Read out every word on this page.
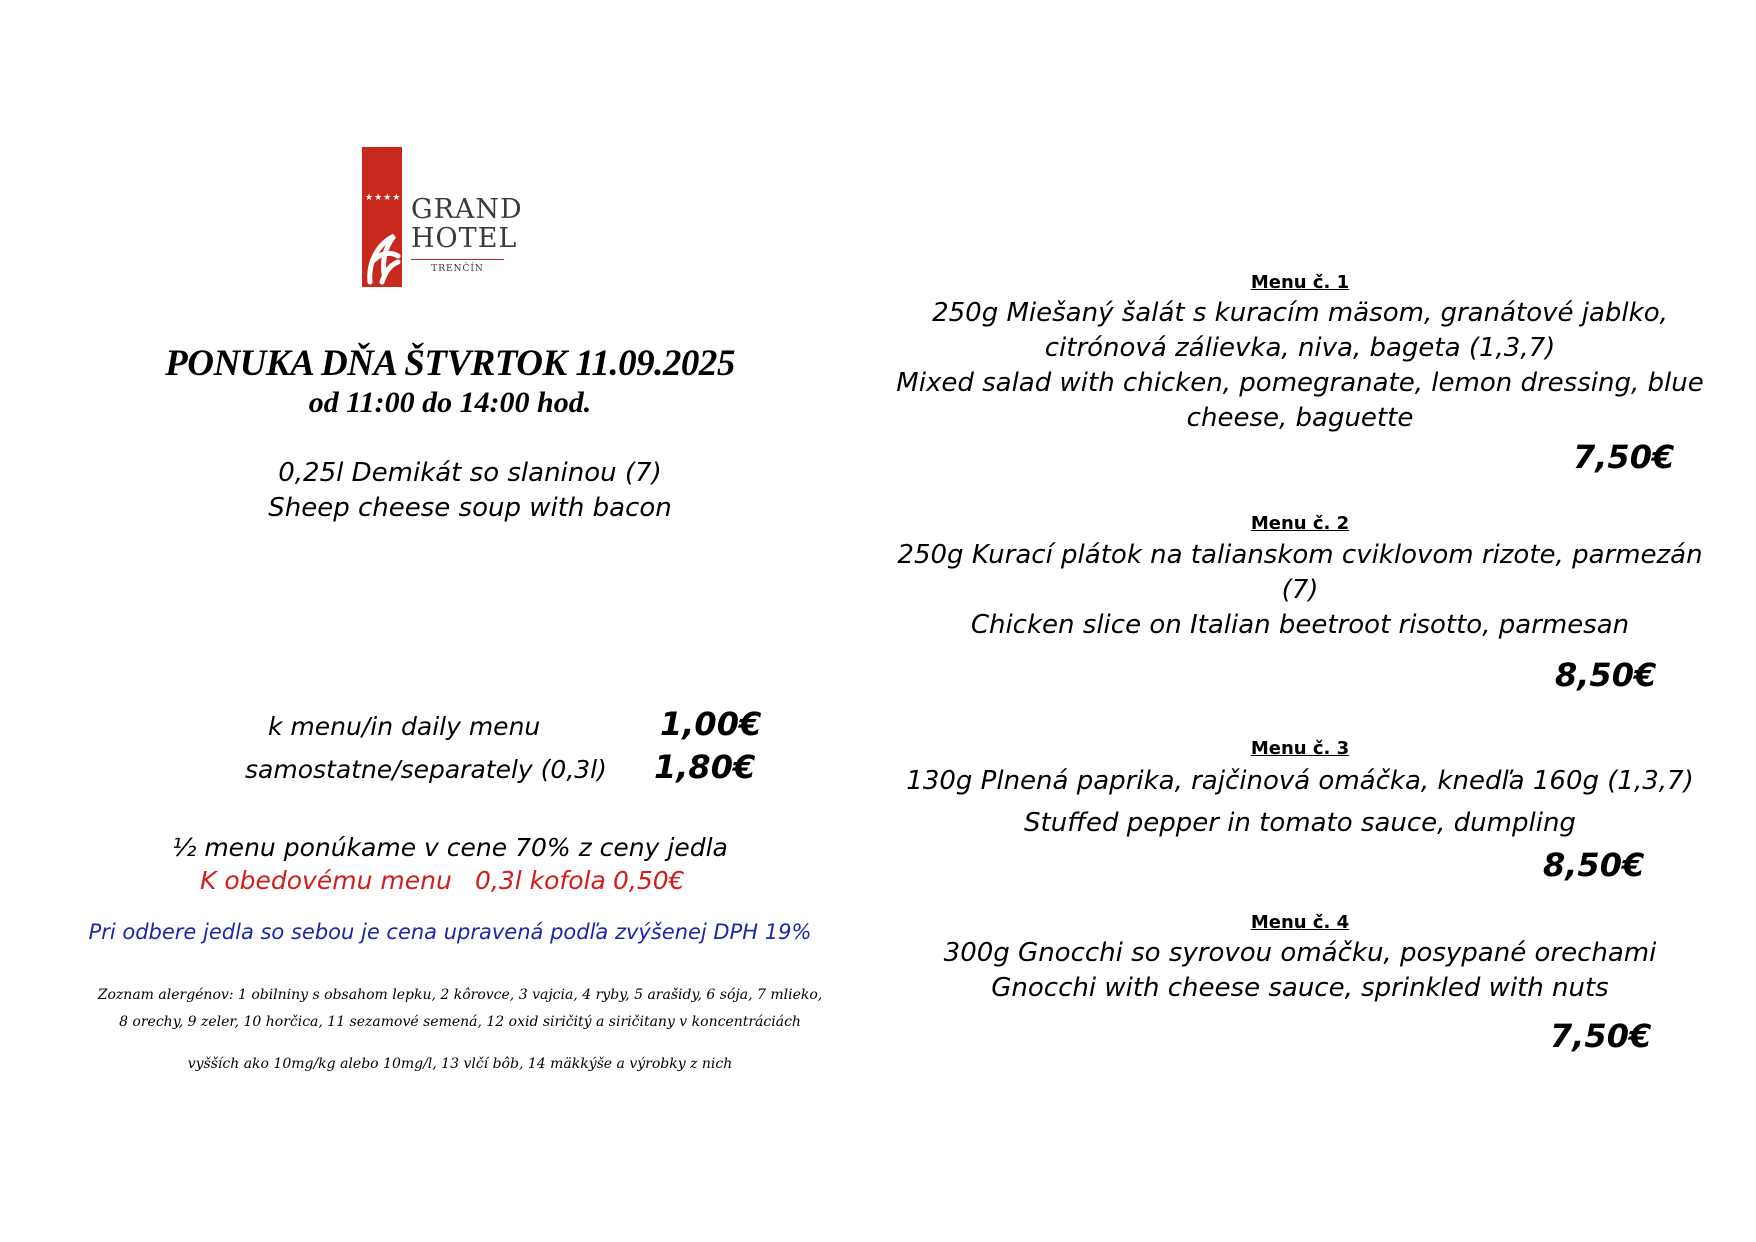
★★★★ GRAND
HOTEL
TRENČÍN
PONUKA DŇA ŠTVRTOK 11.09.2025
od 11:00 do 14:00 hod.
0,25l Demikát so slaninou (7)
Sheep cheese soup with bacon
k menu/in daily menu	1,00€
samostatne/separately (0,3l) 1,80€
½ menu ponúkame v cene 70% z ceny jedla
K obedovému menu 0,3l kofola 0,50€
Pri odbere jedla so sebou je cena upravená podľa zvýšenej DPH 19%
Zoznam alergénov: 1 obilniny s obsahom lepku, 2 kôrovce, 3 vajcia, 4 ryby, 5 arašidy, 6 sója, 7 mlieko,
8 orechy, 9 zeler, 10 horčica, 11 sezamové semená, 12 oxid siričitý a siričitany v koncentráciách
vyšších ako 10mg/kg alebo 10mg/l, 13 vlčí bôb, 14 mäkkýše a výrobky z nich
Menu č. 1
250g Miešaný šalát s kuracím mäsom, granátové jablko,
citrónová zálievka, niva, bageta (1,3,7)
Mixed salad with chicken, pomegranate, lemon dressing, blue
cheese, baguette
7,50€
Menu č. 2
250g Kurací plátok na talianskom cviklovom rizote, parmezán
(7)
Chicken slice on Italian beetroot risotto, parmesan
8,50€
Menu č. 3
130g Plnená paprika, rajčinová omáčka, knedľa 160g (1,3,7)
Stuffed pepper in tomato sauce, dumpling
8,50€
Menu č. 4
300g Gnocchi so syrovou omáčku, posypané orechami
Gnocchi with cheese sauce, sprinkled with nuts
7,50€
